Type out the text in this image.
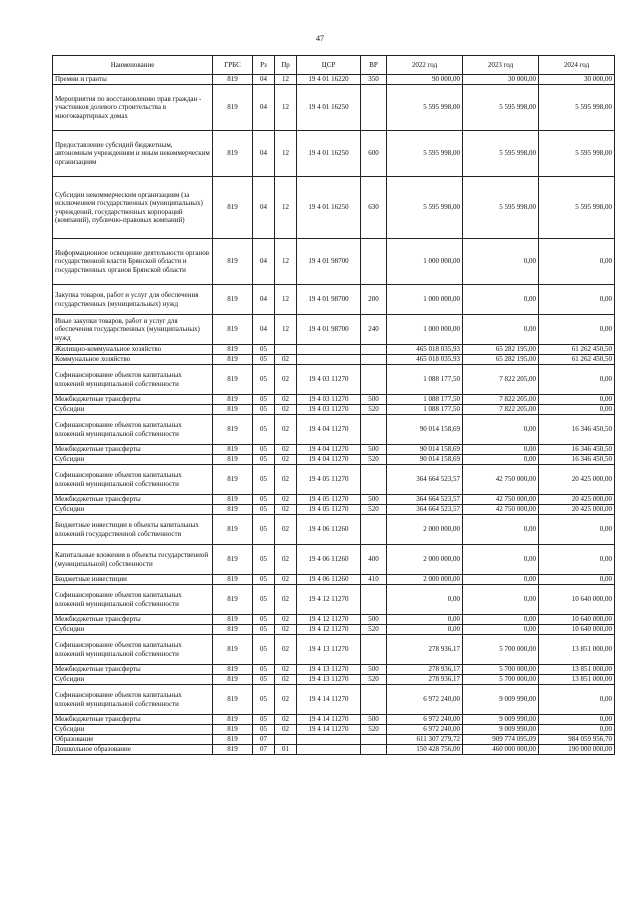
47
Наименование	ГРБС	Рз	Пр	ЦСР	ВР	2022 год	2023 год	2024 год
Премии и гранты	819	04	12	19 4 01 16220	350	90 000,00	30 000,00	30 000,00
Мероприятия по восстановлению прав граждан - участников долевого строительства в многоквартирных домах	819	04	12	19 4 01 16250		5 595 998,00	5 595 998,00	5 595 998,00
Предоставление субсидий бюджетным, автономным учреждениям и иным некоммерческим организациям	819	04	12	19 4 01 16250	600	5 595 998,00	5 595 998,00	5 595 998,00
Субсидии некоммерческим организациям (за исключением государственных (муниципальных) учреждений, государственных корпораций (компаний), публично-правовых компаний)	819	04	12	19 4 01 16250	630	5 595 998,00	5 595 998,00	5 595 998,00
Информационное освещение деятельности органов государственной власти Брянской области и государственных органов Брянской области	819	04	12	19 4 01 98700		1 000 000,00	0,00	0,00
Закупка товаров, работ и услуг для обеспечения государственных (муниципальных) нужд	819	04	12	19 4 01 98700	200	1 000 000,00	0,00	0,00
Иные закупки товаров, работ и услуг для обеспечения государственных (муниципальных) нужд	819	04	12	19 4 01 98700	240	1 000 000,00	0,00	0,00
Жилищно-коммунальное хозяйство	819	05				465 018 035,93	65 282 195,00	61 262 450,50
Коммунальное хозяйство	819	05	02			465 018 035,93	65 282 195,00	61 262 450,50
Софинансирование объектов капитальных вложений муниципальной собственности	819	05	02	19 4 03 11270		1 088 177,50	7 822 205,00	0,00
Межбюджетные трансферты	819	05	02	19 4 03 11270	500	1 088 177,50	7 822 205,00	0,00
Субсидии	819	05	02	19 4 03 11270	520	1 088 177,50	7 822 205,00	0,00
Софинансирование объектов капитальных вложений муниципальной собственности	819	05	02	19 4 04 11270		90 014 158,69	0,00	16 346 450,50
Межбюджетные трансферты	819	05	02	19 4 04 11270	500	90 014 158,69	0,00	16 346 450,50
Субсидии	819	05	02	19 4 04 11270	520	90 014 158,69	0,00	16 346 450,50
Софинансирование объектов капитальных вложений муниципальной собственности	819	05	02	19 4 05 11270		364 664 523,57	42 750 000,00	20 425 000,00
Межбюджетные трансферты	819	05	02	19 4 05 11270	500	364 664 523,57	42 750 000,00	20 425 000,00
Субсидии	819	05	02	19 4 05 11270	520	364 664 523,57	42 750 000,00	20 425 000,00
Бюджетные инвестиции в объекты капитальных вложений государственной собственности	819	05	02	19 4 06 11260		2 000 000,00	0,00	0,00
Капитальные вложения в объекты государственной (муниципальной) собственности	819	05	02	19 4 06 11260	400	2 000 000,00	0,00	0,00
Бюджетные инвестиции	819	05	02	19 4 06 11260	410	2 000 000,00	0,00	0,00
Софинансирование объектов капитальных вложений муниципальной собственности	819	05	02	19 4 12 11270		0,00	0,00	10 640 000,00
Межбюджетные трансферты	819	05	02	19 4 12 11270	500	0,00	0,00	10 640 000,00
Субсидии	819	05	02	19 4 12 11270	520	0,00	0,00	10 640 000,00
Софинансирование объектов капитальных вложений муниципальной собственности	819	05	02	19 4 13 11270		278 936,17	5 700 000,00	13 851 000,00
Межбюджетные трансферты	819	05	02	19 4 13 11270	500	278 936,17	5 700 000,00	13 851 000,00
Субсидии	819	05	02	19 4 13 11270	520	278 936,17	5 700 000,00	13 851 000,00
Софинансирование объектов капитальных вложений муниципальной собственности	819	05	02	19 4 14 11270		6 972 240,00	9 009 990,00	0,00
Межбюджетные трансферты	819	05	02	19 4 14 11270	500	6 972 240,00	9 009 990,00	0,00
Субсидии	819	05	02	19 4 14 11270	520	6 972 240,00	9 009 990,00	0,00
Образование	819	07				611 307 279,72	909 774 095,09	984 059 956,70
Дошкольное образование	819	07	01			150 428 756,00	460 000 000,00	190 000 000,00
